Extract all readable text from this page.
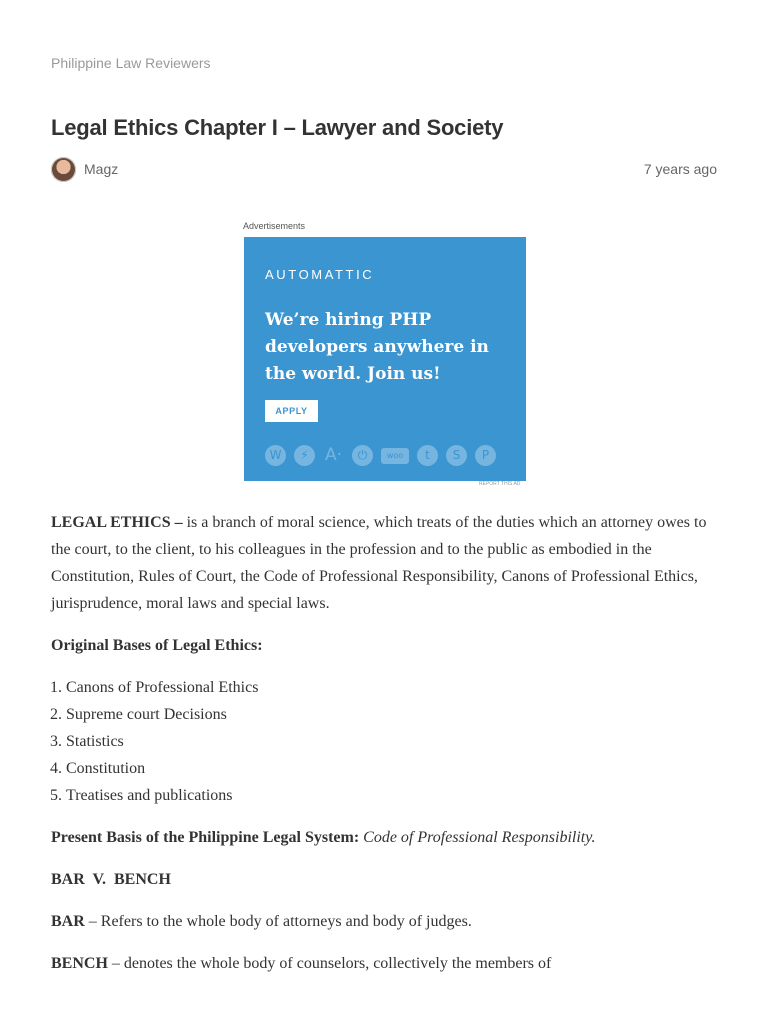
Philippine Law Reviewers
Legal Ethics Chapter I – Lawyer and Society
Magz	7 years ago
Advertisements
AUTOMATTIC
We’re hiring PHP developers anywhere in the world. Join us!
APPLY
W	⚡ A·	⏻	woo	t	S	P
REPORT THIS AD

LEGAL ETHICS – is a branch of moral science, which treats of the duties which an attorney owes to the court, to the client, to his colleagues in the profession and to the public as embodied in the Constitution, Rules of Court, the Code of Professional Responsibility, Canons of Professional Ethics, jurisprudence, moral laws and special laws.

Original Bases of Legal Ethics:

1. Canons of Professional Ethics
2. Supreme court Decisions
3. Statistics
4. Constitution
5. Treatises and publications

Present Basis of the Philippine Legal System: Code of Professional Responsibility.

BAR  V.  BENCH

BAR – Refers to the whole body of attorneys and body of judges.

BENCH – denotes the whole body of counselors, collectively the members of
